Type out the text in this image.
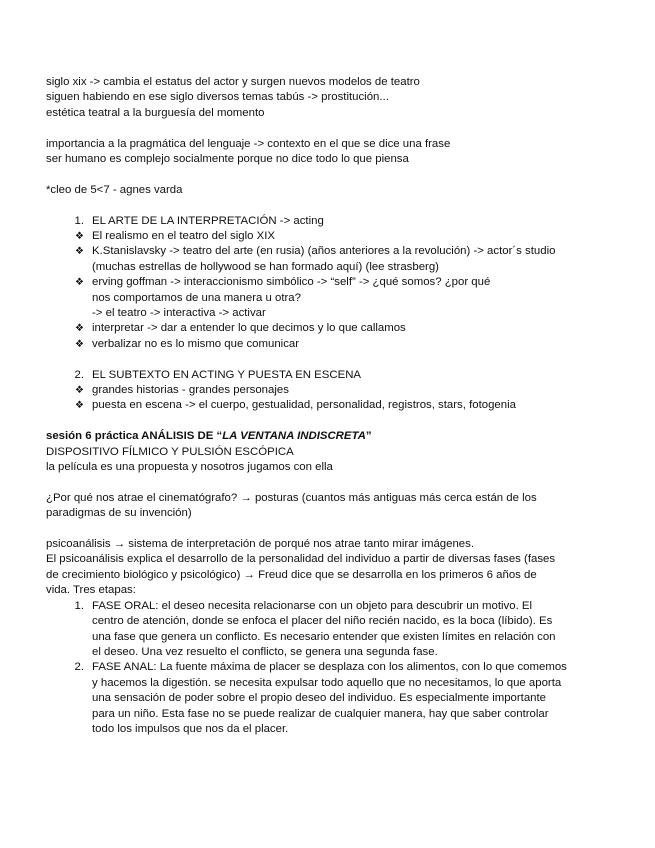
siglo xix -> cambia el estatus del actor y surgen nuevos modelos de teatro
siguen habiendo en ese siglo diversos temas tabús -> prostitución...
estética teatral a la burguesía del momento
importancia a la pragmática del lenguaje -> contexto en el que se dice una frase
ser humano es complejo socialmente porque no dice todo lo que piensa
*cleo de 5<7 - agnes varda
1. EL ARTE DE LA INTERPRETACIÓN -> acting
❖ El realismo en el teatro del siglo XIX
❖ K.Stanislavsky -> teatro del arte (en rusia) (años anteriores a la revolución) -> actor´s studio
(muchas estrellas de hollywood se han formado aquí) (lee strasberg)
❖ erving goffman -> interaccionismo simbólico -> “self” -> ¿qué somos? ¿por qué
nos comportamos de una manera u otra?
-> el teatro -> interactiva -> activar
❖ interpretar -> dar a entender lo que decimos y lo que callamos
❖ verbalizar no es lo mismo que comunicar
2. EL SUBTEXTO EN ACTING Y PUESTA EN ESCENA
❖ grandes historias - grandes personajes
❖ puesta en escena -> el cuerpo, gestualidad, personalidad, registros, stars, fotogenia
sesión 6 práctica ANÁLISIS DE “LA VENTANA INDISCRETA”
DISPOSITIVO FÍLMICO Y PULSIÓN ESCÓPICA
la película es una propuesta y nosotros jugamos con ella
¿Por qué nos atrae el cinematógrafo? → posturas (cuantos más antiguas más cerca están de los
paradigmas de su invención)
psicoanálisis → sistema de interpretación de porqué nos atrae tanto mirar imágenes.
El psicoanálisis explica el desarrollo de la personalidad del individuo a partir de diversas fases (fases
de crecimiento biológico y psicológico) → Freud dice que se desarrolla en los primeros 6 años de
vida. Tres etapas:
1. FASE ORAL: el deseo necesita relacionarse con un objeto para descubrir un motivo. El
centro de atención, donde se enfoca el placer del niño recién nacido, es la boca (líbido). Es
una fase que genera un conflicto. Es necesario entender que existen límites en relación con
el deseo. Una vez resuelto el conflicto, se genera una segunda fase.
2. FASE ANAL: La fuente máxima de placer se desplaza con los alimentos, con lo que comemos
y hacemos la digestión. se necesita expulsar todo aquello que no necesitamos, lo que aporta
una sensación de poder sobre el propio deseo del individuo. Es especialmente importante
para un niño. Esta fase no se puede realizar de cualquier manera, hay que saber controlar
todo los impulsos que nos da el placer.
